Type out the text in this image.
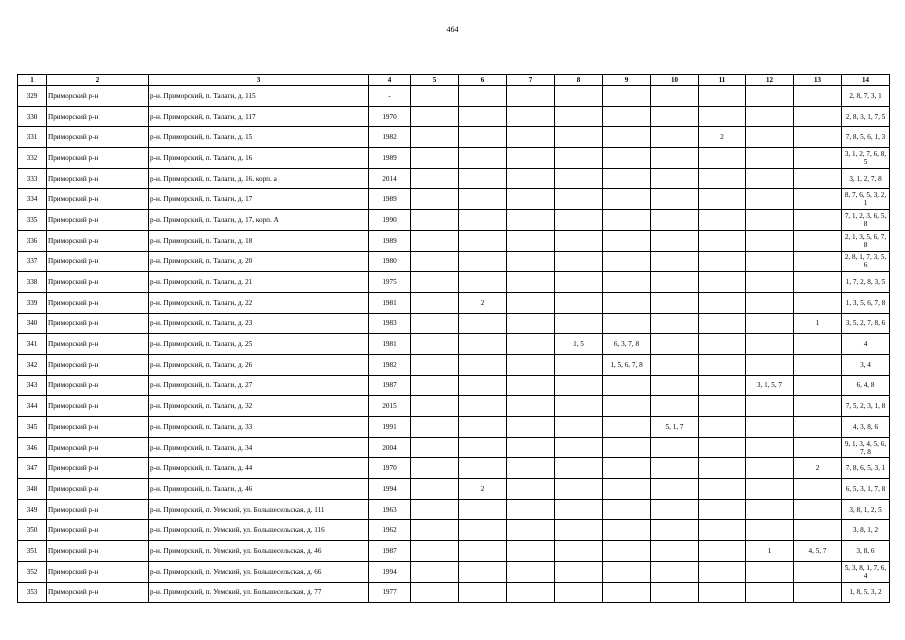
464
1	2	3	4	5	6	7	8	9	10	11	12	13	14
329	Приморский р-н	р-н. Приморский, п. Талаги, д. 115	-										2, 8, 7, 3, 1
330	Приморский р-н	р-н. Приморский, п. Талаги, д. 117	1970										2, 8, 3, 1, 7, 5
331	Приморский р-н	р-н. Приморский, п. Талаги, д. 15	1982							2			7, 8, 5, 6, 1, 3
332	Приморский р-н	р-н. Приморский, п. Талаги, д. 16	1989										3, 1, 2, 7, 6, 8, 5
333	Приморский р-н	р-н. Приморский, п. Талаги, д. 16, корп. а	2014										3, 1, 2, 7, 8
334	Приморский р-н	р-н. Приморский, п. Талаги, д. 17	1989										8, 7, 6, 5, 3, 2, 1
335	Приморский р-н	р-н. Приморский, п. Талаги, д. 17, корп. А	1990										7, 1, 2, 3, 6, 5, 8
336	Приморский р-н	р-н. Приморский, п. Талаги, д. 18	1989										2, 1, 3, 5, 6, 7, 8
337	Приморский р-н	р-н. Приморский, п. Талаги, д. 20	1980										2, 8, 1, 7, 3, 5, 6
338	Приморский р-н	р-н. Приморский, п. Талаги, д. 21	1975										1, 7, 2, 8, 3, 5
339	Приморский р-н	р-н. Приморский, п. Талаги, д. 22	1981		2								1, 3, 5, 6, 7, 8
340	Приморский р-н	р-н. Приморский, п. Талаги, д. 23	1983									1	3, 5, 2, 7, 8, 6
341	Приморский р-н	р-н. Приморский, п. Талаги, д. 25	1981				1, 5	6, 3, 7, 8					4
342	Приморский р-н	р-н. Приморский, п. Талаги, д. 26	1982					1, 5, 6, 7, 8					3, 4
343	Приморский р-н	р-н. Приморский, п. Талаги, д. 27	1987								3, 1, 5, 7		6, 4, 8
344	Приморский р-н	р-н. Приморский, п. Талаги, д. 32	2015										7, 5, 2, 3, 1, 8
345	Приморский р-н	р-н. Приморский, п. Талаги, д. 33	1991						5, 1, 7				4, 3, 8, 6
346	Приморский р-н	р-н. Приморский, п. Талаги, д. 34	2004										9, 1, 3, 4, 5, 6, 7, 8
347	Приморский р-н	р-н. Приморский, п. Талаги, д. 44	1970									2	7, 8, 6, 5, 3, 1
348	Приморский р-н	р-н. Приморский, п. Талаги, д. 46	1994		2								6, 5, 3, 1, 7, 8
349	Приморский р-н	р-н. Приморский, п. Уемский, ул. Большесельская, д. 111	1963										3, 8, 1, 2, 5
350	Приморский р-н	р-н. Приморский, п. Уемский, ул. Большесельская, д. 116	1962										3, 8, 1, 2
351	Приморский р-н	р-н. Приморский, п. Уемский, ул. Большесельская, д. 46	1987								1	4, 5, 7	3, 8, 6
352	Приморский р-н	р-н. Приморский, п. Уемский, ул. Большесельская, д. 66	1994										5, 3, 8, 1, 7, 6, 4
353	Приморский р-н	р-н. Приморский, п. Уемский, ул. Большесельская, д. 77	1977										1, 8, 5, 3, 2
